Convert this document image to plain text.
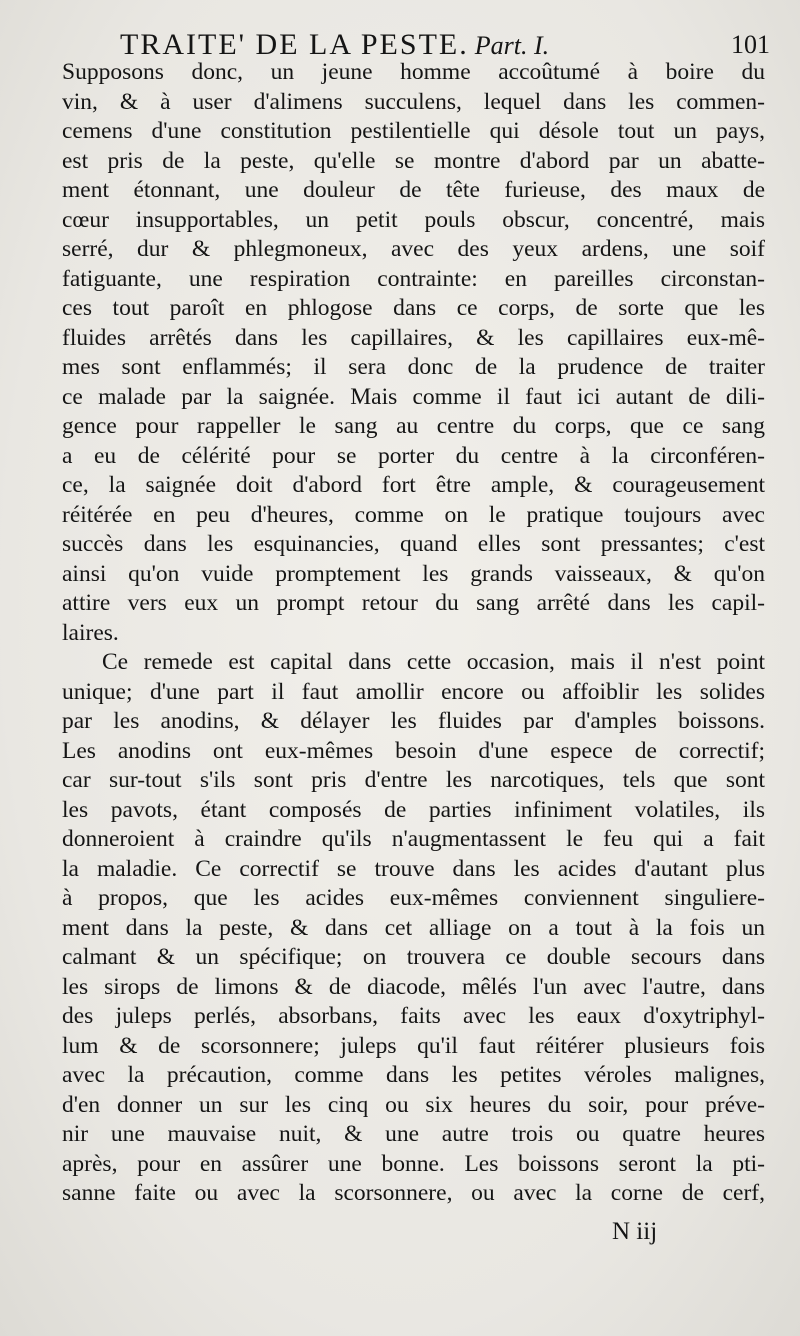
TRAITE' DE LA PESTE. Part. I.	101
Supposons donc, un jeune homme accoûtumé à boire du
vin, & à user d'alimens succulens, lequel dans les commen-
cemens d'une constitution pestilentielle qui désole tout un pays,
est pris de la peste, qu'elle se montre d'abord par un abatte-
ment étonnant, une douleur de tête furieuse, des maux de
cœur insupportables, un petit pouls obscur, concentré, mais
serré, dur & phlegmoneux, avec des yeux ardens, une soif
fatiguante, une respiration contrainte: en pareilles circonstan-
ces tout paroît en phlogose dans ce corps, de sorte que les
fluides arrêtés dans les capillaires, & les capillaires eux-mê-
mes sont enflammés; il sera donc de la prudence de traiter
ce malade par la saignée. Mais comme il faut ici autant de dili-
gence pour rappeller le sang au centre du corps, que ce sang
a eu de célérité pour se porter du centre à la circonféren-
ce, la saignée doit d'abord fort être ample, & courageusement
réitérée en peu d'heures, comme on le pratique toujours avec
succès dans les esquinancies, quand elles sont pressantes; c'est
ainsi qu'on vuide promptement les grands vaisseaux, & qu'on
attire vers eux un prompt retour du sang arrêté dans les capil-
laires.
Ce remede est capital dans cette occasion, mais il n'est point
unique; d'une part il faut amollir encore ou affoiblir les solides
par les anodins, & délayer les fluides par d'amples boissons.
Les anodins ont eux-mêmes besoin d'une espece de correctif;
car sur-tout s'ils sont pris d'entre les narcotiques, tels que sont
les pavots, étant composés de parties infiniment volatiles, ils
donneroient à craindre qu'ils n'augmentassent le feu qui a fait
la maladie. Ce correctif se trouve dans les acides d'autant plus
à propos, que les acides eux-mêmes conviennent singuliere-
ment dans la peste, & dans cet alliage on a tout à la fois un
calmant & un spécifique; on trouvera ce double secours dans
les sirops de limons & de diacode, mêlés l'un avec l'autre, dans
des juleps perlés, absorbans, faits avec les eaux d'oxytriphyl-
lum & de scorsonnere; juleps qu'il faut réitérer plusieurs fois
avec la précaution, comme dans les petites véroles malignes,
d'en donner un sur les cinq ou six heures du soir, pour préve-
nir une mauvaise nuit, & une autre trois ou quatre heures
après, pour en assûrer une bonne. Les boissons seront la pti-
sanne faite ou avec la scorsonnere, ou avec la corne de cerf,
N iij
